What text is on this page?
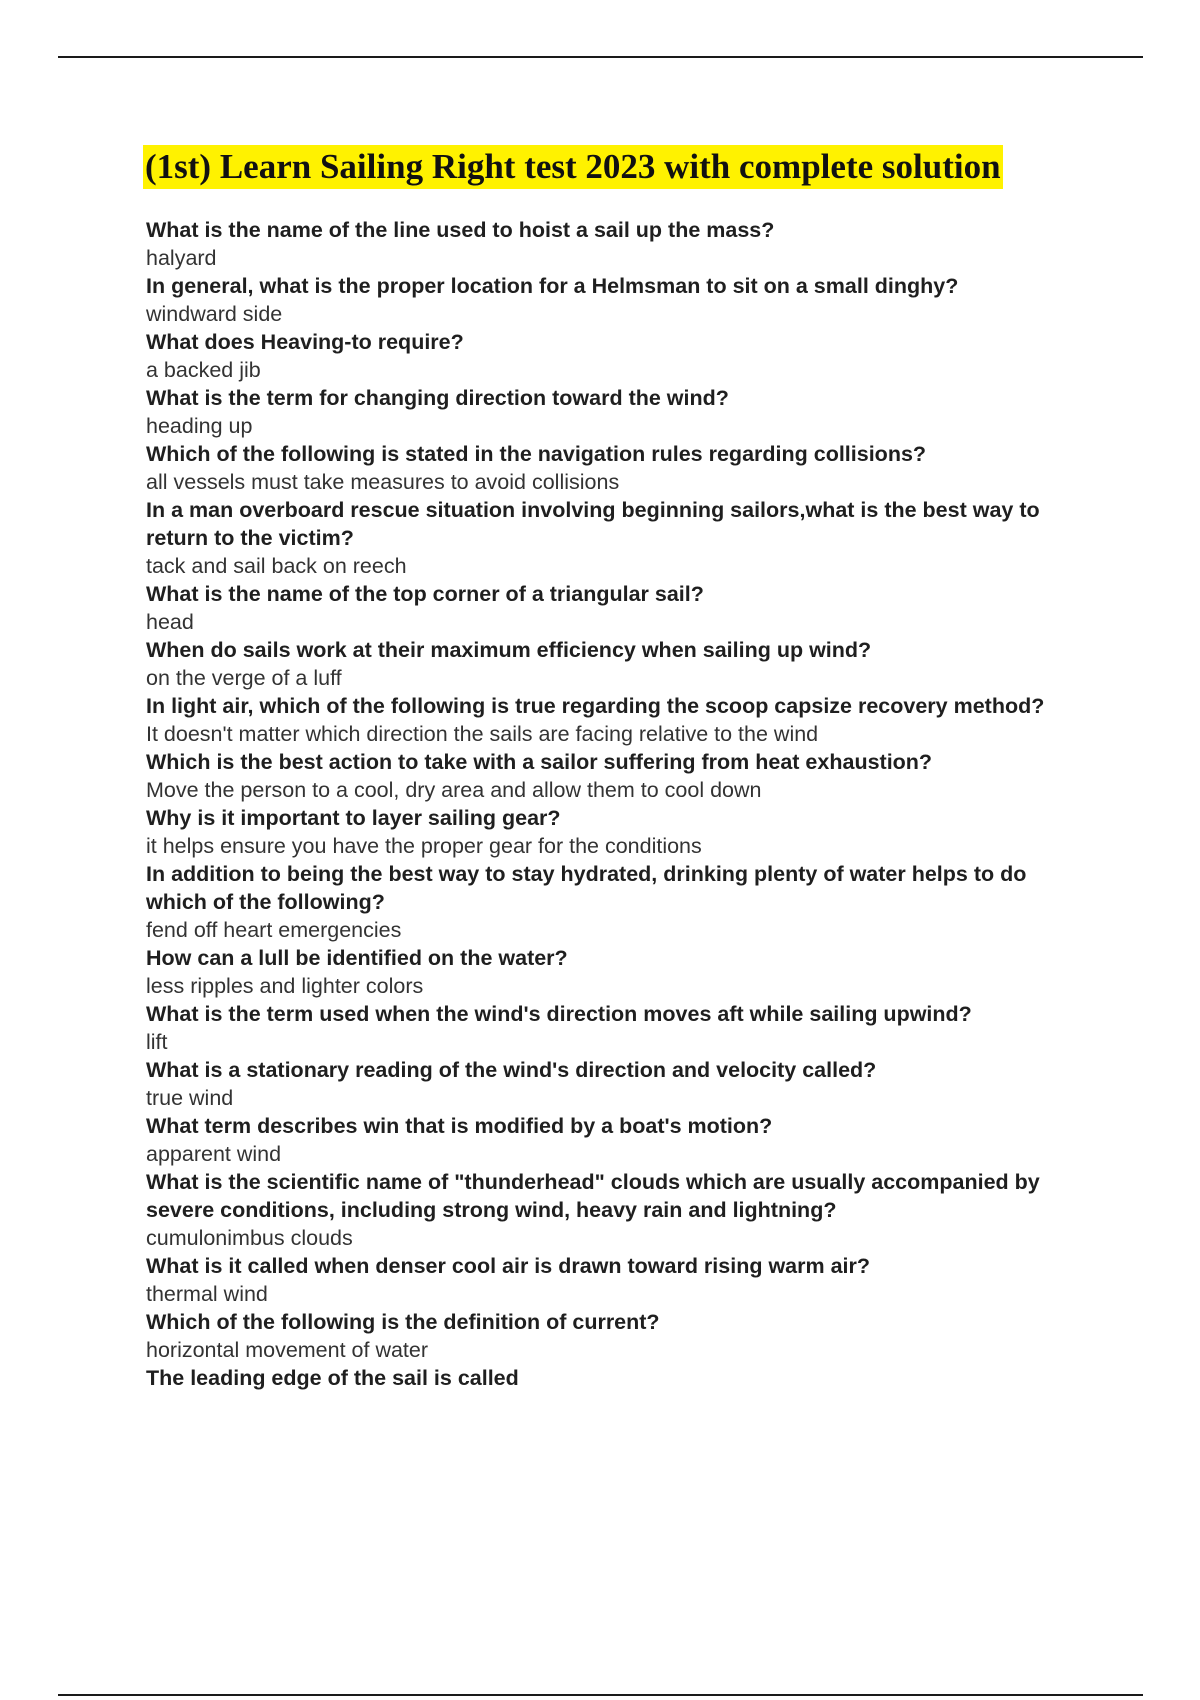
(1st) Learn Sailing Right test 2023 with complete solution
What is the name of the line used to hoist a sail up the mass?
halyard
In general, what is the proper location for a Helmsman to sit on a small dinghy?
windward side
What does Heaving-to require?
a backed jib
What is the term for changing direction toward the wind?
heading up
Which of the following is stated in the navigation rules regarding collisions?
all vessels must take measures to avoid collisions
In a man overboard rescue situation involving beginning sailors,what is the best way to return to the victim?
tack and sail back on reech
What is the name of the top corner of a triangular sail?
head
When do sails work at their maximum efficiency when sailing up wind?
on the verge of a luff
In light air, which of the following is true regarding the scoop capsize recovery method?
It doesn't matter which direction the sails are facing relative to the wind
Which is the best action to take with a sailor suffering from heat exhaustion?
Move the person to a cool, dry area and allow them to cool down
Why is it important to layer sailing gear?
it helps ensure you have the proper gear for the conditions
In addition to being the best way to stay hydrated, drinking plenty of water helps to do which of the following?
fend off heart emergencies
How can a lull be identified on the water?
less ripples and lighter colors
What is the term used when the wind's direction moves aft while sailing upwind?
lift
What is a stationary reading of the wind's direction and velocity called?
true wind
What term describes win that is modified by a boat's motion?
apparent wind
What is the scientific name of "thunderhead" clouds which are usually accompanied by severe conditions, including strong wind, heavy rain and lightning?
cumulonimbus clouds
What is it called when denser cool air is drawn toward rising warm air?
thermal wind
Which of the following is the definition of current?
horizontal movement of water
The leading edge of the sail is called
